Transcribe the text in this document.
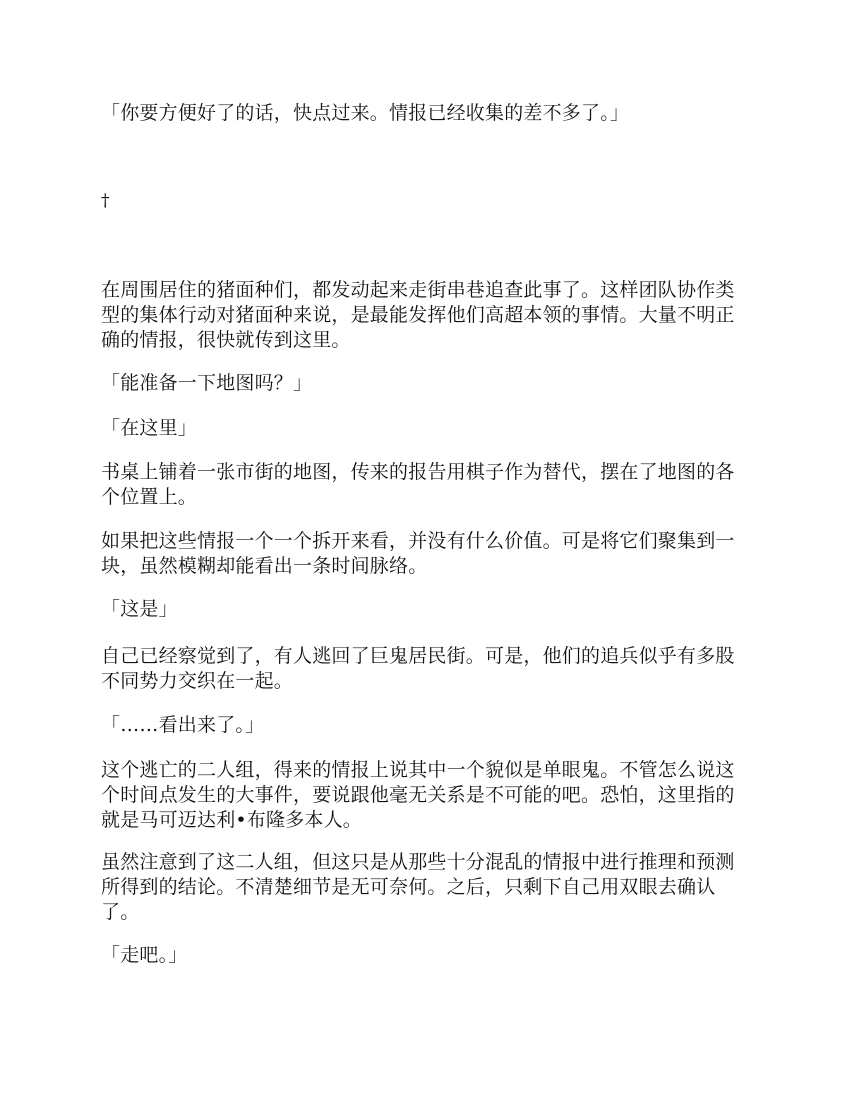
「你要方便好了的话，快点过来。情报已经收集的差不多了。」

†

在周围居住的猪面种们，都发动起来走街串巷追查此事了。这样团队协作类型的集体行动对猪面种来说，是最能发挥他们高超本领的事情。大量不明正确的情报，很快就传到这里。

「能准备一下地图吗？」

「在这里」

书桌上铺着一张市街的地图，传来的报告用棋子作为替代，摆在了地图的各个位置上。

如果把这些情报一个一个拆开来看，并没有什么价值。可是将它们聚集到一块，虽然模糊却能看出一条时间脉络。

「这是」

自己已经察觉到了，有人逃回了巨鬼居民街。可是，他们的追兵似乎有多股不同势力交织在一起。

「……看出来了。」

这个逃亡的二人组，得来的情报上说其中一个貌似是单眼鬼。不管怎么说这个时间点发生的大事件，要说跟他毫无关系是不可能的吧。恐怕，这里指的就是马可迈达利•布隆多本人。

虽然注意到了这二人组，但这只是从那些十分混乱的情报中进行推理和预测所得到的结论。不清楚细节是无可奈何。之后，只剩下自己用双眼去确认了。

「走吧。」
